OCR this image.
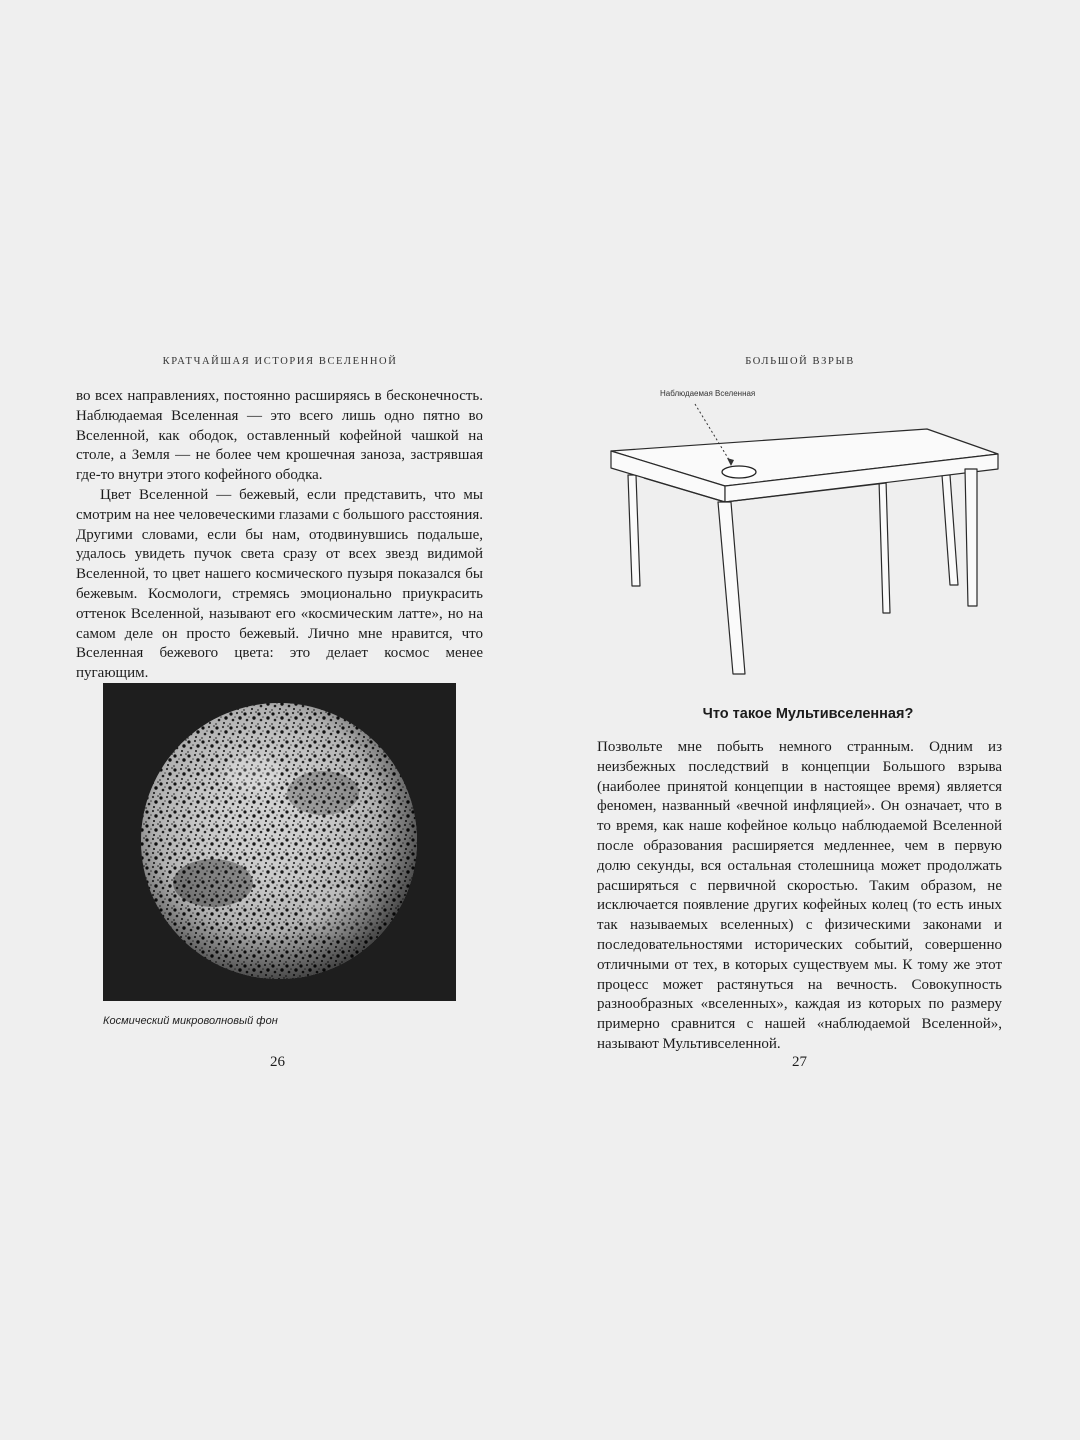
КРАТЧАЙШАЯ ИСТОРИЯ ВСЕЛЕННОЙ

во всех направлениях, постоянно расширяясь в бесконечность. Наблюдаемая Вселенная — это всего лишь одно пятно во Вселенной, как ободок, оставленный кофейной чашкой на столе, а Земля — не более чем крошечная заноза, застрявшая где-то внутри этого кофейного ободка.

Цвет Вселенной — бежевый, если представить, что мы смотрим на нее человеческими глазами с большого расстояния. Другими словами, если бы нам, отодвинувшись подальше, удалось увидеть пучок света сразу от всех звезд видимой Вселенной, то цвет нашего космического пузыря показался бы бежевым. Космологи, стремясь эмоционально приукрасить оттенок Вселенной, называют его «космическим латте», но на самом деле он просто бежевый. Лично мне нравится, что Вселенная бежевого цвета: это делает космос менее пугающим.

Космический микроволновый фон
26
БОЛЬШОЙ ВЗРЫВ
Наблюдаемая Вселенная
Что такое Мультивселенная?

Позвольте мне побыть немного странным. Одним из неизбежных последствий в концепции Большого взрыва (наиболее принятой концепции в настоящее время) является феномен, названный «вечной инфляцией». Он означает, что в то время, как наше кофейное кольцо наблюдаемой Вселенной после образования расширяется медленнее, чем в первую долю секунды, вся остальная столешница может продолжать расширяться с первичной скоростью. Таким образом, не исключается появление других кофейных колец (то есть иных так называемых вселенных) с физическими законами и последовательностями исторических событий, совершенно отличными от тех, в которых существуем мы. К тому же этот процесс может растянуться на вечность. Совокупность разнообразных «вселенных», каждая из которых по размеру примерно сравнится с нашей «наблюдаемой Вселенной», называют Мультивселенной.

27
